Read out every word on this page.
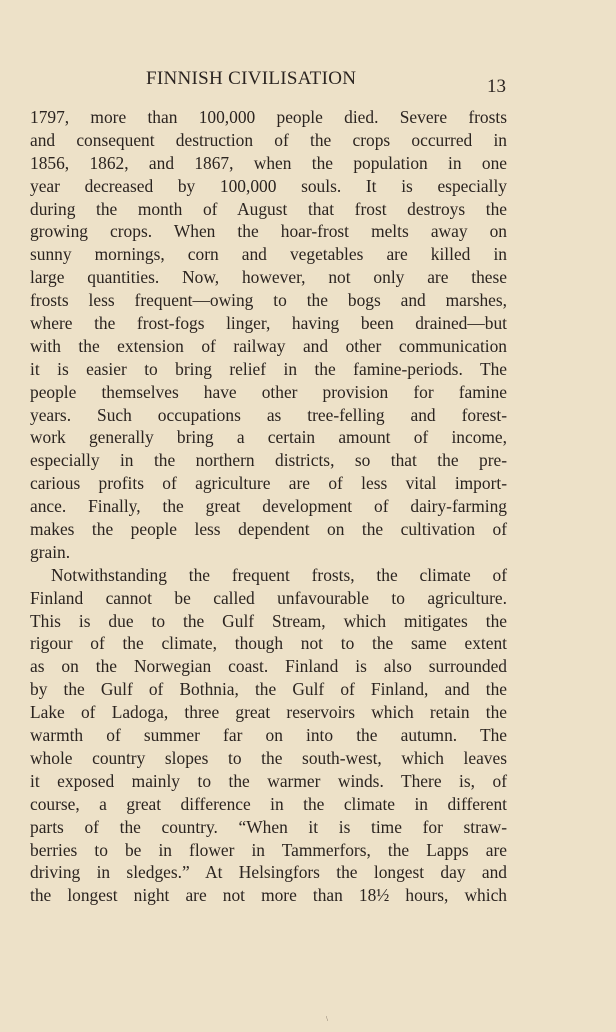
FINNISH CIVILISATION	13
1797, more than 100,000 people died. Severe frosts
and consequent destruction of the crops occurred in
1856, 1862, and 1867, when the population in one
year decreased by 100,000 souls. It is especially
during the month of August that frost destroys the
growing crops. When the hoar-frost melts away on
sunny mornings, corn and vegetables are killed in
large quantities. Now, however, not only are these
frosts less frequent—owing to the bogs and marshes,
where the frost-fogs linger, having been drained—but
with the extension of railway and other communication
it is easier to bring relief in the famine-periods. The
people themselves have other provision for famine
years. Such occupations as tree-felling and forest-
work generally bring a certain amount of income,
especially in the northern districts, so that the pre-
carious profits of agriculture are of less vital import-
ance. Finally, the great development of dairy-farming
makes the people less dependent on the cultivation of
grain.
Notwithstanding the frequent frosts, the climate of
Finland cannot be called unfavourable to agriculture.
This is due to the Gulf Stream, which mitigates the
rigour of the climate, though not to the same extent
as on the Norwegian coast. Finland is also surrounded
by the Gulf of Bothnia, the Gulf of Finland, and the
Lake of Ladoga, three great reservoirs which retain the
warmth of summer far on into the autumn. The
whole country slopes to the south-west, which leaves
it exposed mainly to the warmer winds. There is, of
course, a great difference in the climate in different
parts of the country. “When it is time for straw-
berries to be in flower in Tammerfors, the Lapps are
driving in sledges.” At Helsingfors the longest day and
the longest night are not more than 18½ hours, which
\
